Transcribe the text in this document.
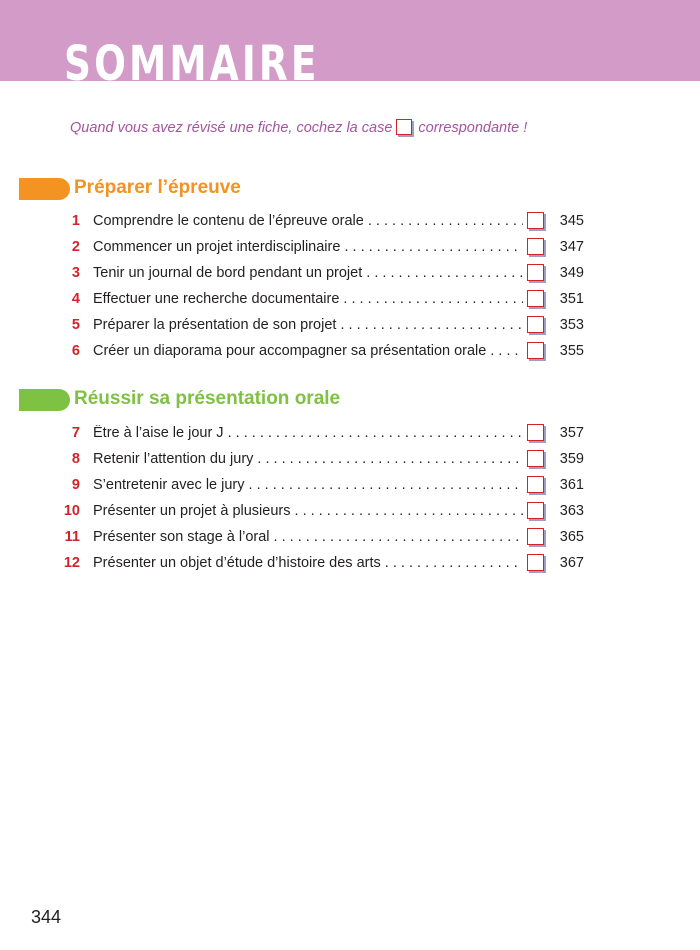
SOMMAIRE
Quand vous avez révisé une fiche, cochez la case correspondante !
Préparer l’épreuve
Réussir sa présentation orale
1 Comprendre le contenu de l’épreuve orale . . .	345
2 Commencer un projet interdisciplinaire . . .	347
3 Tenir un journal de bord pendant un projet . . .	349
4 Effectuer une recherche documentaire . . .	351
5 Préparer la présentation de son projet . . .	353
6 Créer un diaporama pour accompagner sa présentation orale . . .	355
7 Être à l’aise le jour J . . .	357
8 Retenir l’attention du jury . . .	359
9 S’entretenir avec le jury . . .	361
10 Présenter un projet à plusieurs . . .	363
11 Présenter son stage à l’oral . . .	365
12 Présenter un objet d’étude d’histoire des arts . . .	367
344
